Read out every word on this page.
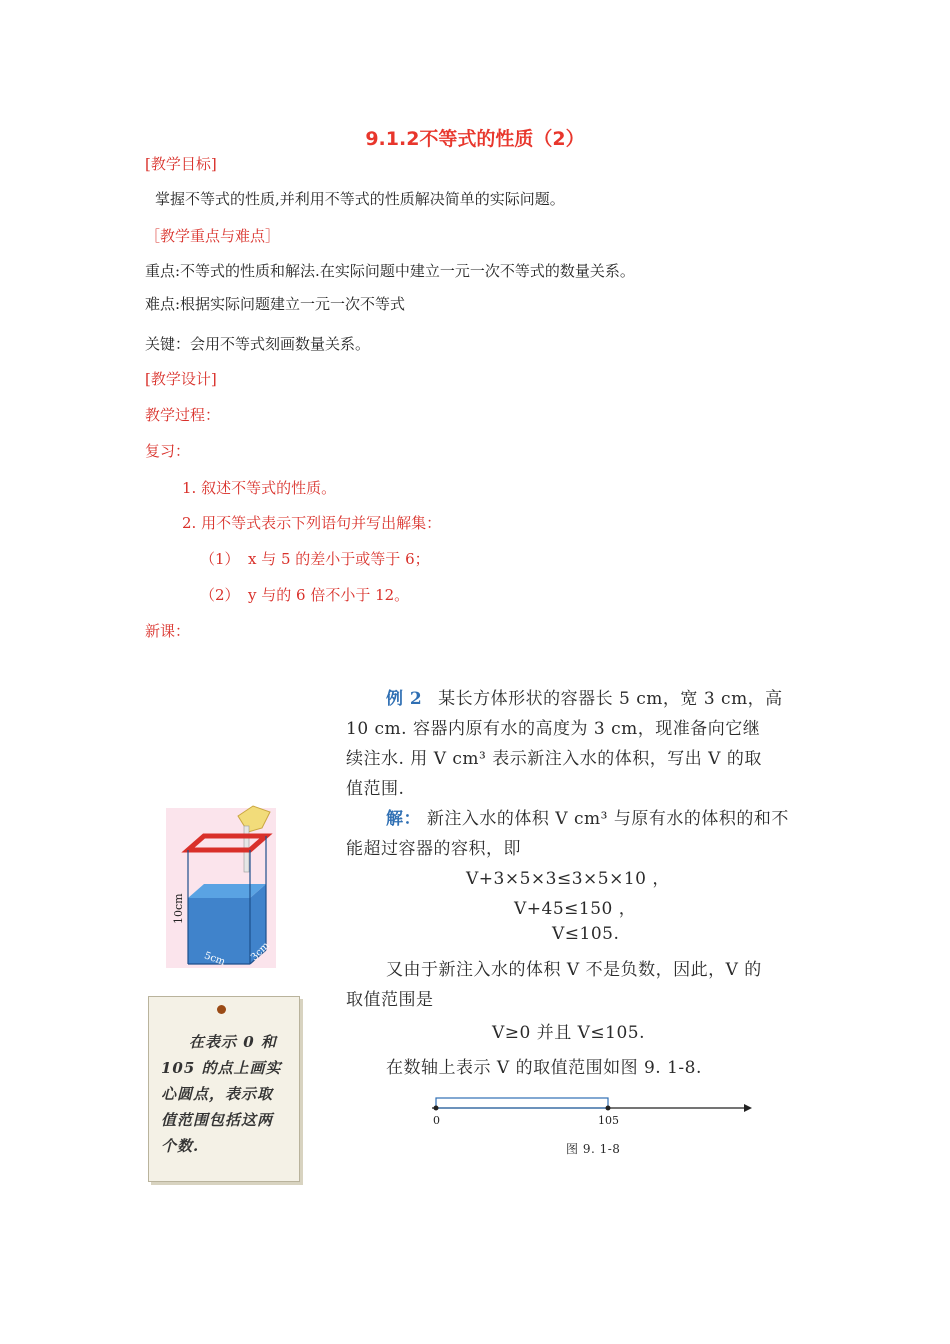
9.1.2不等式的性质（2）
[教学目标]
掌握不等式的性质,并利用不等式的性质解决简单的实际问题。
［教学重点与难点］
重点:不等式的性质和解法.在实际问题中建立一元一次不等式的数量关系。
难点:根据实际问题建立一元一次不等式
关键：会用不等式刻画数量关系。
[教学设计]
教学过程：
复习：
1. 叙述不等式的性质。
2. 用不等式表示下列语句并写出解集：
（1） x 与 5 的差小于或等于 6；
（2） y 与的 6 倍不小于 12。
新课：
10cm
5cm 3cm
在表示 0 和
105 的点上画实
心圆点，表示取
值范围包括这两
个数.
例 2 某长方体形状的容器长 5 cm，宽 3 cm，高
10 cm. 容器内原有水的高度为 3 cm，现准备向它继
续注水. 用 V cm³ 表示新注入水的体积，写出 V 的取
值范围.
解： 新注入水的体积 V cm³ 与原有水的体积的和不
能超过容器的容积，即
V+3×5×3≤3×5×10 ，
V+45≤150 ，
V≤105.
又由于新注入水的体积 V 不是负数，因此，V 的
取值范围是
V≥0 并且 V≤105.
在数轴上表示 V 的取值范围如图 9. 1-8.
0	105
图 9. 1-8
